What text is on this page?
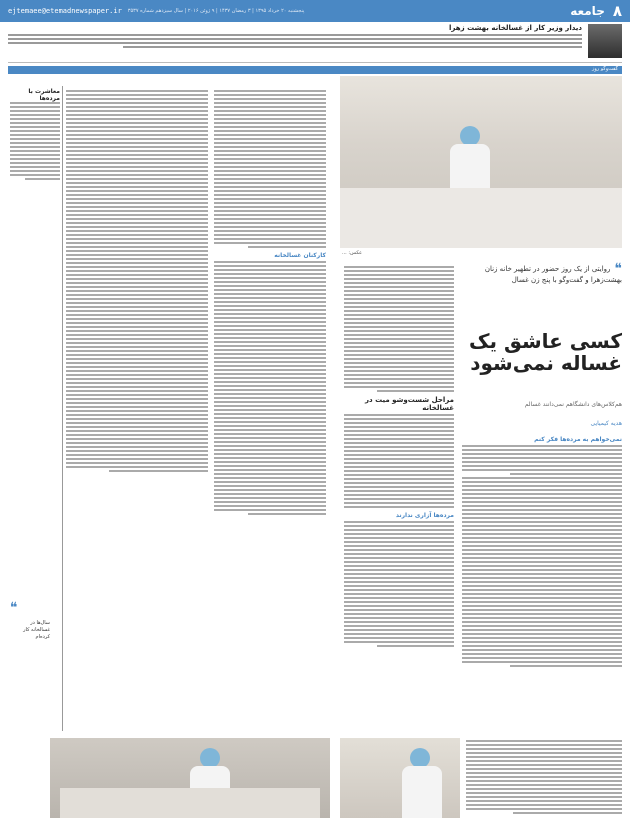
۸
جامعه
ejtemaee@etemadnewspaper.ir پنجشنبه ۲۰ خرداد ۱۳۹۵ | ۳ رمضان ۱۴۳۷ | ۹ ژوئن ۲۰۱۶ | سال سیزدهم شماره ۳۵۳۷
دیدار وزیر کار از غسالخانه بهشت زهرا
گفت‌وگو روز
عکس: ...
❝
روایتی از یک روز حضور در تطهیر خانه زنان بهشت‌زهرا و گفت‌وگو با پنج زن غسال
کسی عاشق یک غساله نمی‌شود
هم‌کلاس‌های دانشگاهم نمی‌دانند غسالم
هدیه کیمیایی
نمی‌خواهم به مرده‌ها فکر کنم
مراحل شست‌وشو میت در غسالخانه
مرده‌ها آزاری ندارند
کارکنان غسالخانه
معاشرت با مرده‌ها
❝
سال‌ها در غسالخانه کار کرده‌ام
